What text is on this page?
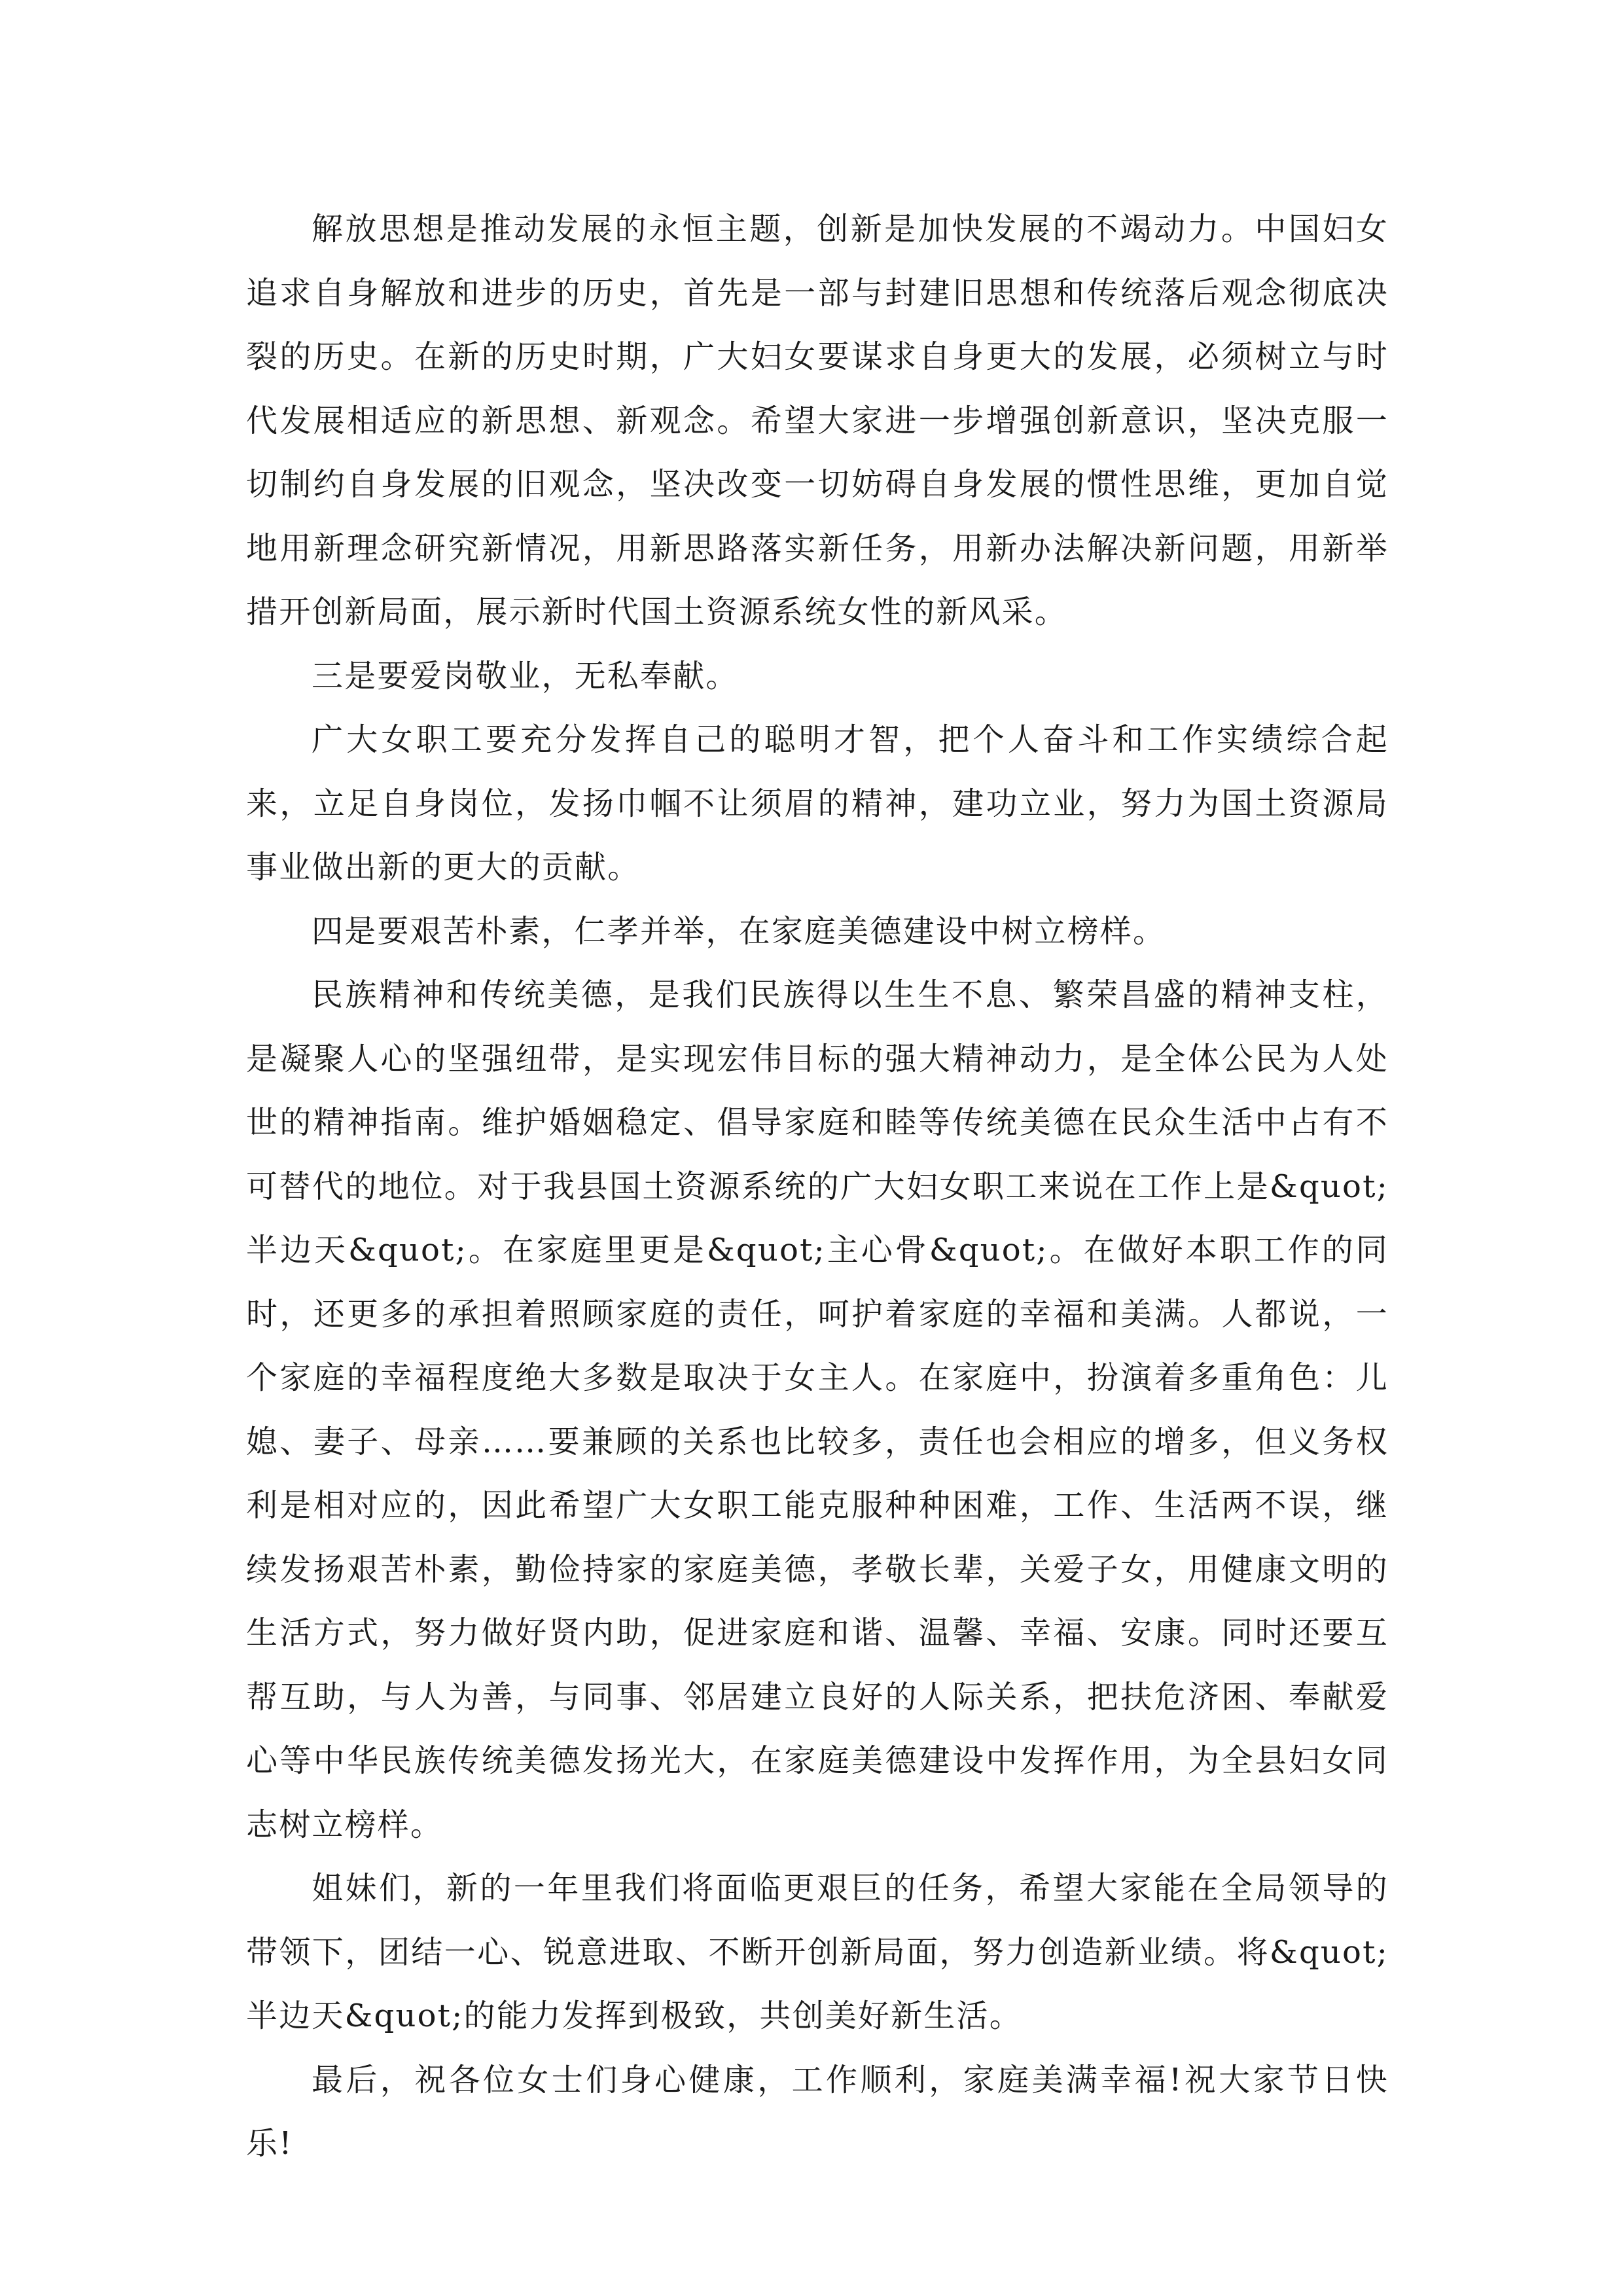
解放思想是推动发展的永恒主题，创新是加快发展的不竭动力。中国妇女追求自身解放和进步的历史，首先是一部与封建旧思想和传统落后观念彻底决裂的历史。在新的历史时期，广大妇女要谋求自身更大的发展，必须树立与时代发展相适应的新思想、新观念。希望大家进一步增强创新意识，坚决克服一切制约自身发展的旧观念，坚决改变一切妨碍自身发展的惯性思维，更加自觉地用新理念研究新情况，用新思路落实新任务，用新办法解决新问题，用新举措开创新局面，展示新时代国土资源系统女性的新风采。

三是要爱岗敬业，无私奉献。

广大女职工要充分发挥自己的聪明才智，把个人奋斗和工作实绩综合起来，立足自身岗位，发扬巾帼不让须眉的精神，建功立业，努力为国土资源局事业做出新的更大的贡献。

四是要艰苦朴素，仁孝并举，在家庭美德建设中树立榜样。

民族精神和传统美德，是我们民族得以生生不息、繁荣昌盛的精神支柱，是凝聚人心的坚强纽带，是实现宏伟目标的强大精神动力，是全体公民为人处世的精神指南。维护婚姻稳定、倡导家庭和睦等传统美德在民众生活中占有不可替代的地位。对于我县国土资源系统的广大妇女职工来说在工作上是&quot;半边天&quot;。在家庭里更是&quot;主心骨&quot;。在做好本职工作的同时，还更多的承担着照顾家庭的责任，呵护着家庭的幸福和美满。人都说，一个家庭的幸福程度绝大多数是取决于女主人。在家庭中，扮演着多重角色：儿媳、妻子、母亲……要兼顾的关系也比较多，责任也会相应的增多，但义务权利是相对应的，因此希望广大女职工能克服种种困难，工作、生活两不误，继续发扬艰苦朴素，勤俭持家的家庭美德，孝敬长辈，关爱子女，用健康文明的生活方式，努力做好贤内助，促进家庭和谐、温馨、幸福、安康。同时还要互帮互助，与人为善，与同事、邻居建立良好的人际关系，把扶危济困、奉献爱心等中华民族传统美德发扬光大，在家庭美德建设中发挥作用，为全县妇女同志树立榜样。

姐妹们，新的一年里我们将面临更艰巨的任务，希望大家能在全局领导的带领下，团结一心、锐意进取、不断开创新局面，努力创造新业绩。将&quot;半边天&quot;的能力发挥到极致，共创美好新生活。

最后，祝各位女士们身心健康，工作顺利，家庭美满幸福!祝大家节日快乐!
